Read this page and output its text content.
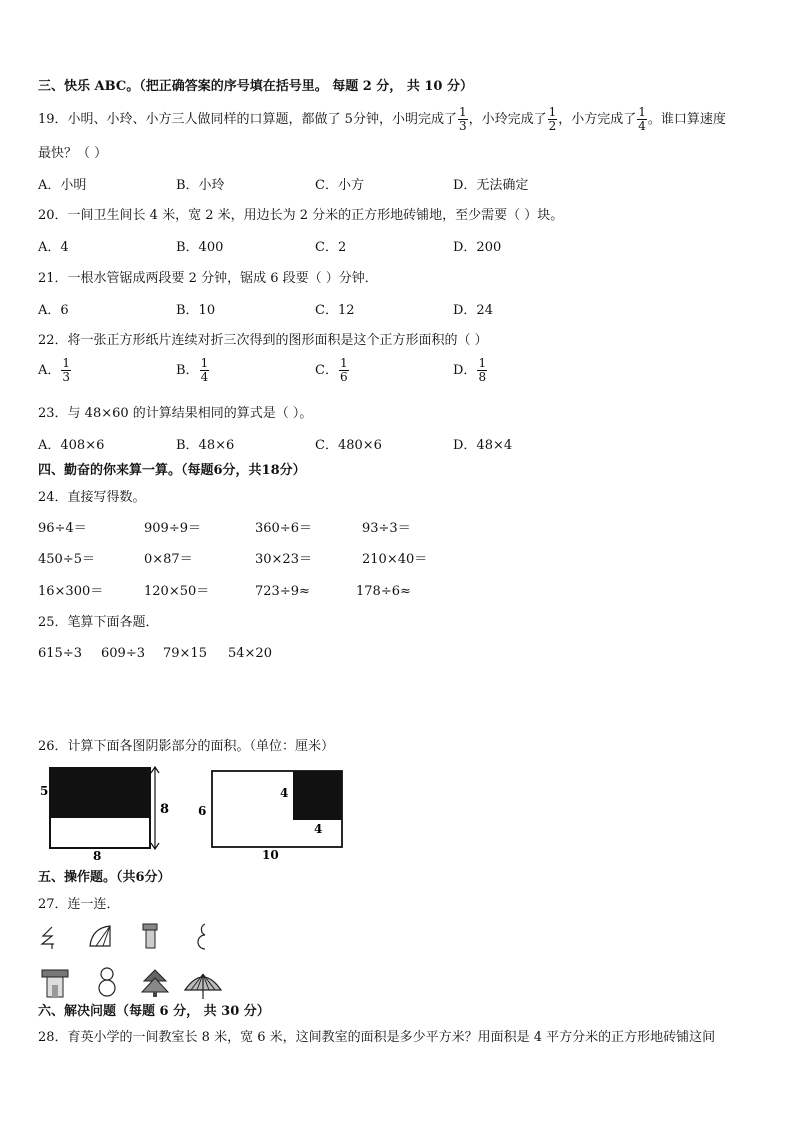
三、快乐 ABC。（把正确答案的序号填在括号里。 每题 2 分， 共 10 分）
19．小明、小玲、小方三人做同样的口算题，都做了 5分钟，小明完成了 $\frac{1}{3}$ ，小玲完成了 $\frac{1}{2}$ ，小方完成了 $\frac{1}{4}$ 。谁口算速度
最快？（ ）
A．小明	B．小玲	C．小方	D．无法确定
20．一间卫生间长 4 米，宽 2 米，用边长为 2 分米的正方形地砖铺地，至少需要（ ）块。
A．4	B．400	C．2	D．200
21．一根水管锯成两段要 2 分钟，锯成 6 段要（ ）分钟．
A．6	B．10	C．12	D．24
22．将一张正方形纸片连续对折三次得到的图形面积是这个正方形面积的（ ）
A． $\frac{1}{3}$	B． $\frac{1}{4}$	C． $\frac{1}{6}$	D． $\frac{1}{8}$
23．与 48×60 的计算结果相同的算式是（ ）。
A．408×6	B．48×6	C．480×6	D．48×4
四、勤奋的你来算一算。（每题6分，共18分）
24．直接写得数。
96÷4＝	909÷9＝	360÷6＝	93÷3＝
450÷5＝	0×87＝	30×23＝	210×40＝
16×300＝	120×50＝	723÷9≈	178÷6≈
25．笔算下面各题．
615÷3 609÷3 79×15 54×20
26．计算下面各图阴影部分的面积。（单位：厘米）
5
8
8
6
4
4
10
五、操作题。（共6分）
27．连一连．
六、解决问题（每题 6 分， 共 30 分）
28．育英小学的一间教室长 8 米，宽 6 米，这间教室的面积是多少平方米？用面积是 4 平方分米的正方形地砖铺这间
